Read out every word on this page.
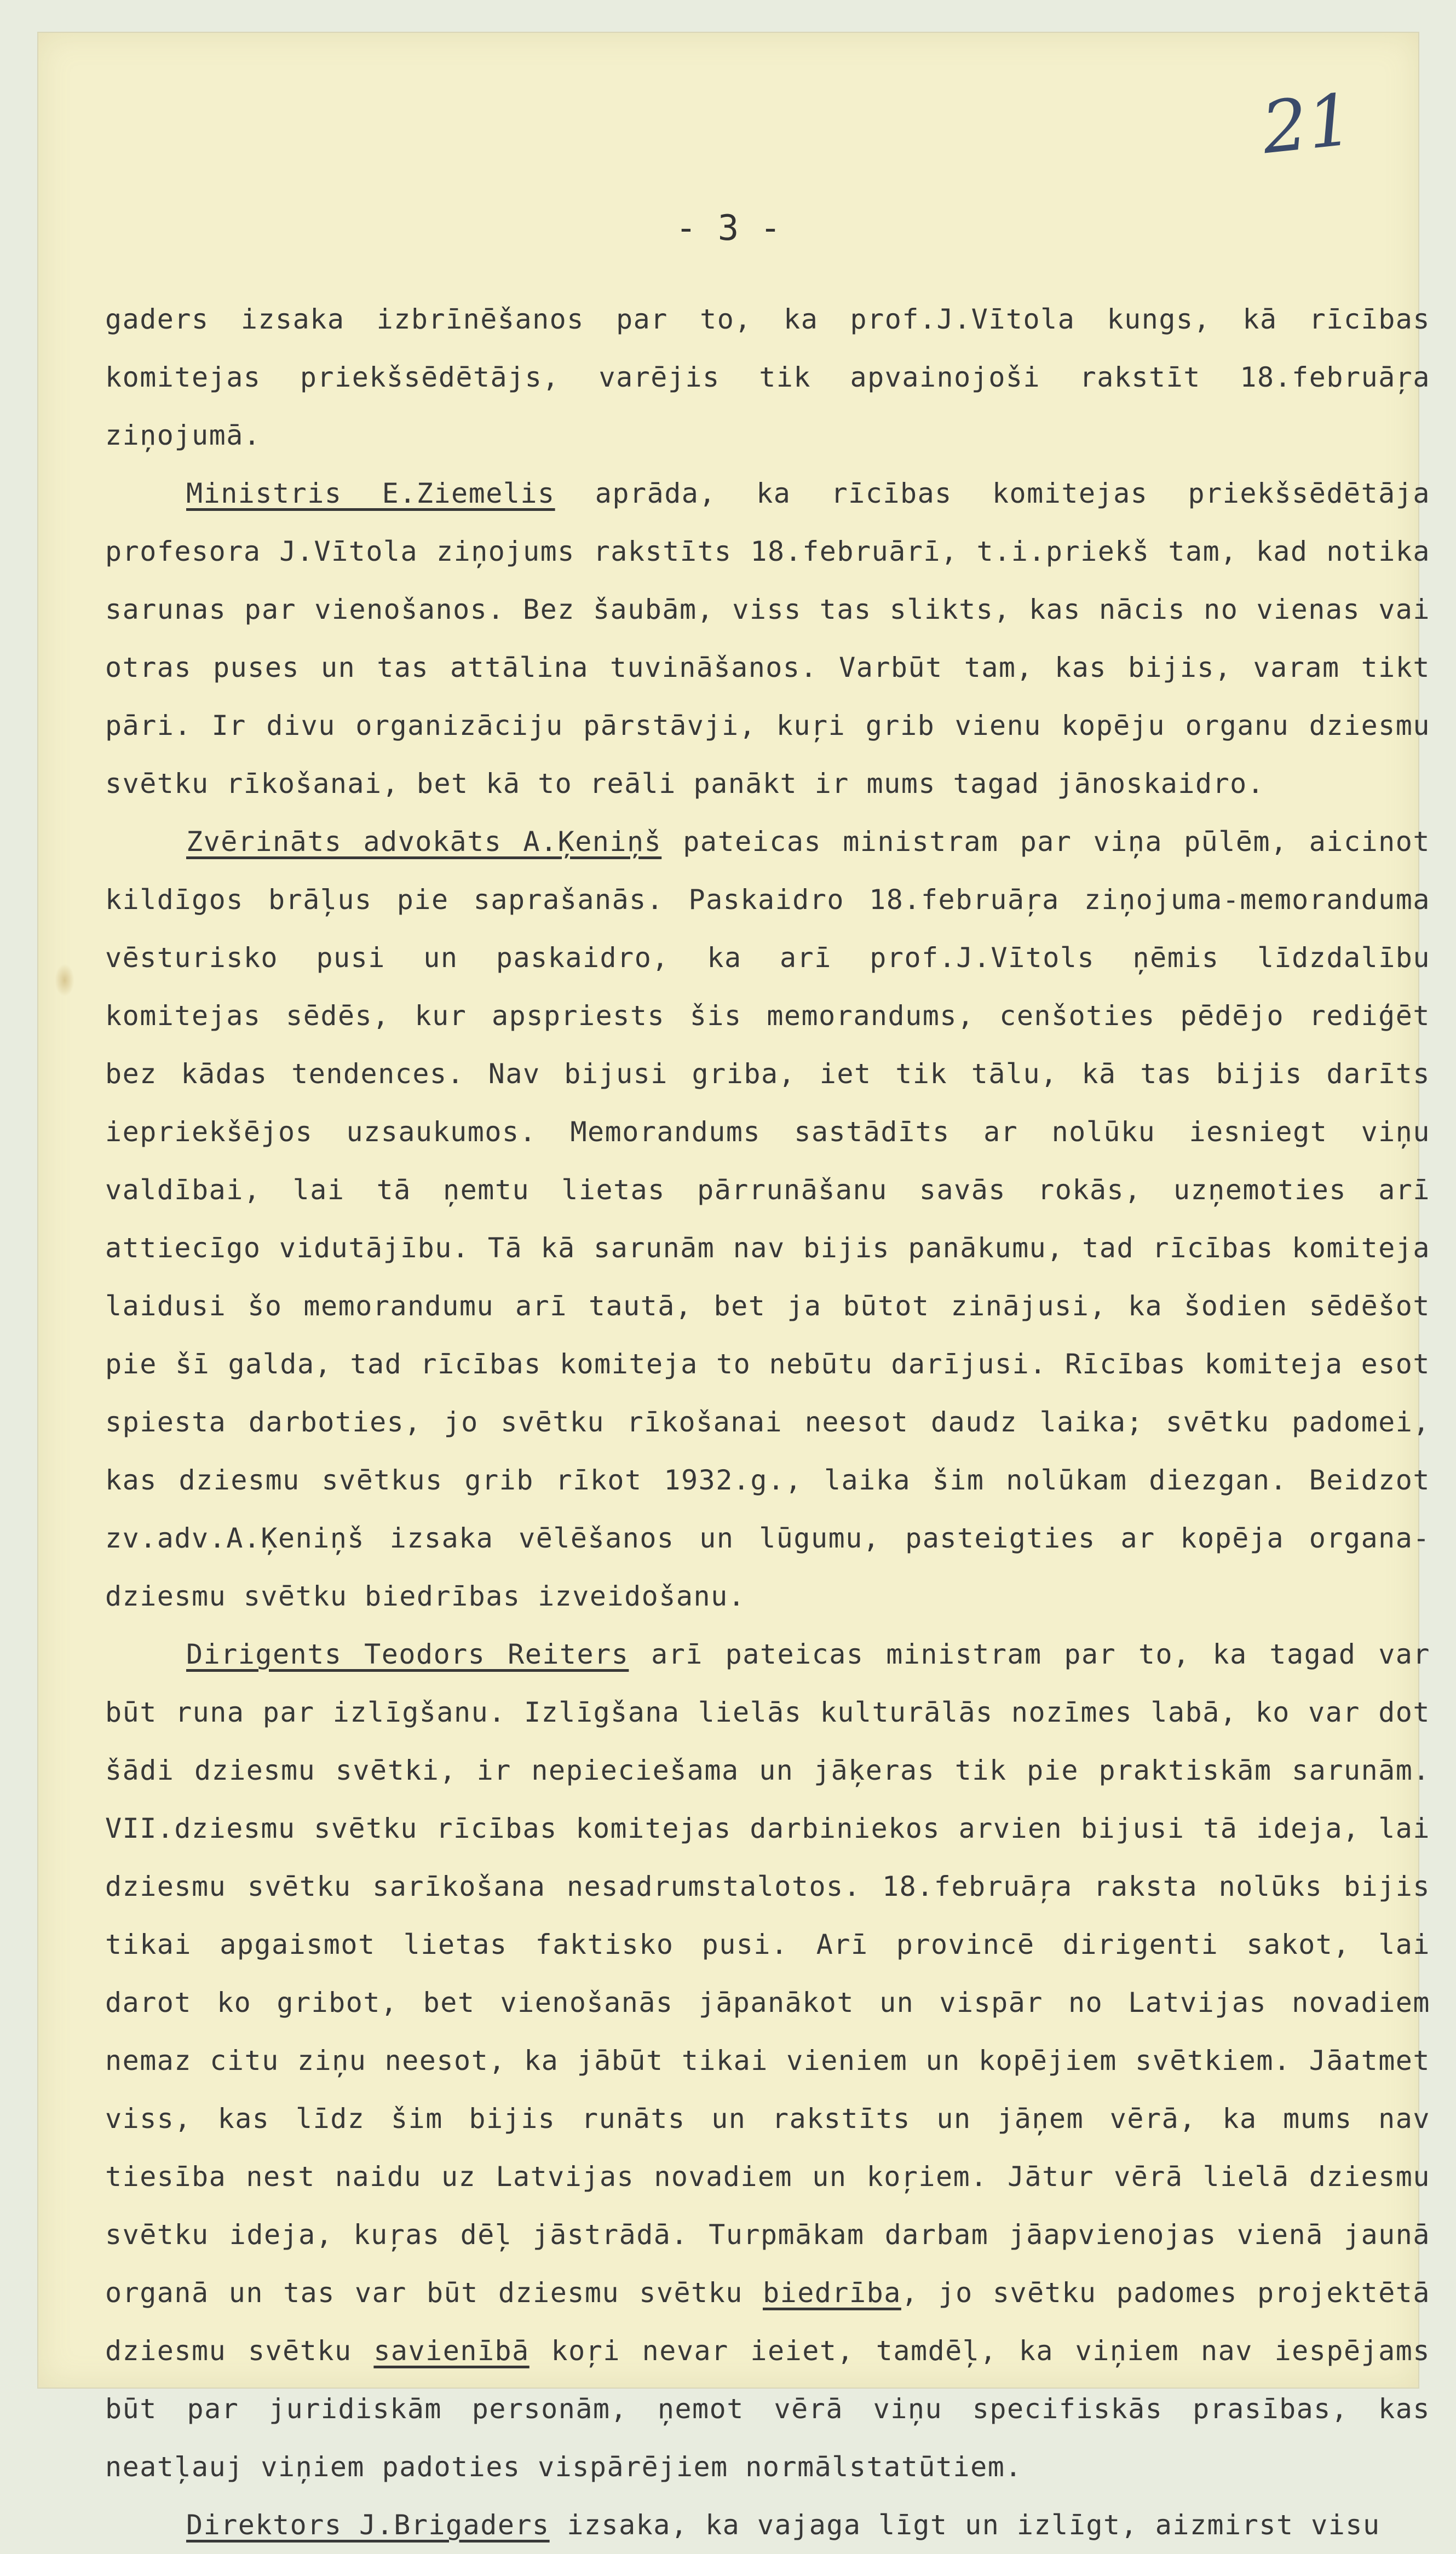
21
- 3 -

gaders izsaka izbrīnēšanos par to, ka prof.J.Vītola kungs, kā rīcības komitejas priekšsēdētājs, varējis tik apvainojoši rakstīt 18.februāŗa ziņojumā.

Ministris E.Ziemelis aprāda, ka rīcības komitejas priekšsēdētāja profesora J.Vītola ziņojums rakstīts 18.februārī, t.i.priekš tam, kad notika sarunas par vienošanos. Bez šaubām, viss tas slikts, kas nācis no vienas vai otras puses un tas attālina tuvināšanos. Varbūt tam, kas bijis, varam tikt pāri. Ir divu organizāciju pārstāvji, kuŗi grib vienu kopēju organu dziesmu svētku rīkošanai, bet kā to reāli panākt ir mums tagad jānoskaidro.

Zvērināts advokāts A.Ķeniņš pateicas ministram par viņa pūlēm, aicinot kildīgos brāļus pie saprašanās. Paskaidro 18.februāŗa ziņojuma-memoranduma vēsturisko pusi un paskaidro, ka arī prof.J.Vītols ņēmis līdzdalību komitejas sēdēs, kur apspriests šis memorandums, cenšoties pēdējo rediģēt bez kādas tendences. Nav bijusi griba, iet tik tālu, kā tas bijis darīts iepriekšējos uzsaukumos. Memorandums sastādīts ar nolūku iesniegt viņu valdībai, lai tā ņemtu lietas pārrunāšanu savās rokās, uzņemoties arī attiecīgo vidutājību. Tā kā sarunām nav bijis panākumu, tad rīcības komiteja laidusi šo memorandumu arī tautā, bet ja būtot zinājusi, ka šodien sēdēšot pie šī galda, tad rīcības komiteja to nebūtu darījusi. Rīcības komiteja esot spiesta darboties, jo svētku rīkošanai neesot daudz laika; svētku padomei, kas dziesmu svētkus grib rīkot 1932.g., laika šim nolūkam diezgan. Beidzot zv.adv.A.Ķeniņš izsaka vēlēšanos un lūgumu, pasteigties ar kopēja organa-dziesmu svētku biedrības izveidošanu.

Dirigents Teodors Reiters arī pateicas ministram par to, ka tagad var būt runa par izlīgšanu. Izlīgšana lielās kulturālās nozīmes labā, ko var dot šādi dziesmu svētki, ir nepieciešama un jāķeras tik pie praktiskām sarunām. VII.dziesmu svētku rīcības komitejas darbiniekos arvien bijusi tā ideja, lai dziesmu svētku sarīkošana nesadrumstalotos. 18.februāŗa raksta nolūks bijis tikai apgaismot lietas faktisko pusi. Arī provincē dirigenti sakot, lai darot ko gribot, bet vienošanās jāpanākot un vispār no Latvijas novadiem nemaz citu ziņu neesot, ka jābūt tikai vieniem un kopējiem svētkiem. Jāatmet viss, kas līdz šim bijis runāts un rakstīts un jāņem vērā, ka mums nav tiesība nest naidu uz Latvijas novadiem un koŗiem. Jātur vērā lielā dziesmu svētku ideja, kuŗas dēļ jāstrādā. Turpmākam darbam jāapvienojas vienā jaunā organā un tas var būt dziesmu svētku biedrība, jo svētku padomes projektētā dziesmu svētku savienībā koŗi nevar ieiet, tamdēļ, ka viņiem nav iespējams būt par juridiskām personām, ņemot vērā viņu specifiskās prasības, kas neatļauj viņiem padoties vispārējiem normālstatūtiem.

Direktors J.Brigaders izsaka, ka vajaga līgt un izlīgt, aizmirst visu
